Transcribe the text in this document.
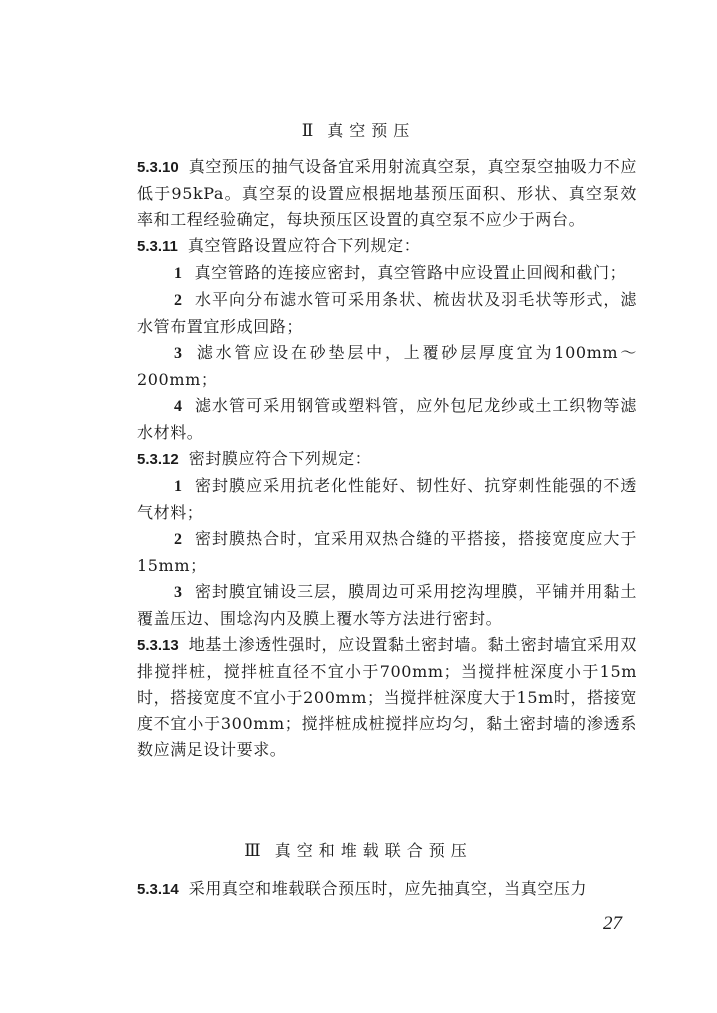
Ⅱ 真空预压

5.3.10 真空预压的抽气设备宜采用射流真空泵，真空泵空抽吸力不应低于95kPa。真空泵的设置应根据地基预压面积、形状、真空泵效率和工程经验确定，每块预压区设置的真空泵不应少于两台。

5.3.11 真空管路设置应符合下列规定：

1 真空管路的连接应密封，真空管路中应设置止回阀和截门；

2 水平向分布滤水管可采用条状、梳齿状及羽毛状等形式，滤水管布置宜形成回路；

3 滤水管应设在砂垫层中，上覆砂层厚度宜为100mm～200mm；

4 滤水管可采用钢管或塑料管，应外包尼龙纱或土工织物等滤水材料。

5.3.12 密封膜应符合下列规定：

1 密封膜应采用抗老化性能好、韧性好、抗穿刺性能强的不透气材料；

2 密封膜热合时，宜采用双热合缝的平搭接，搭接宽度应大于15mm；

3 密封膜宜铺设三层，膜周边可采用挖沟埋膜，平铺并用黏土覆盖压边、围埝沟内及膜上覆水等方法进行密封。

5.3.13 地基土渗透性强时，应设置黏土密封墙。黏土密封墙宜采用双排搅拌桩，搅拌桩直径不宜小于700mm；当搅拌桩深度小于15m时，搭接宽度不宜小于200mm；当搅拌桩深度大于15m时，搭接宽度不宜小于300mm；搅拌桩成桩搅拌应均匀，黏土密封墙的渗透系数应满足设计要求。

Ⅲ 真空和堆载联合预压

5.3.14 采用真空和堆载联合预压时，应先抽真空，当真空压力

27
